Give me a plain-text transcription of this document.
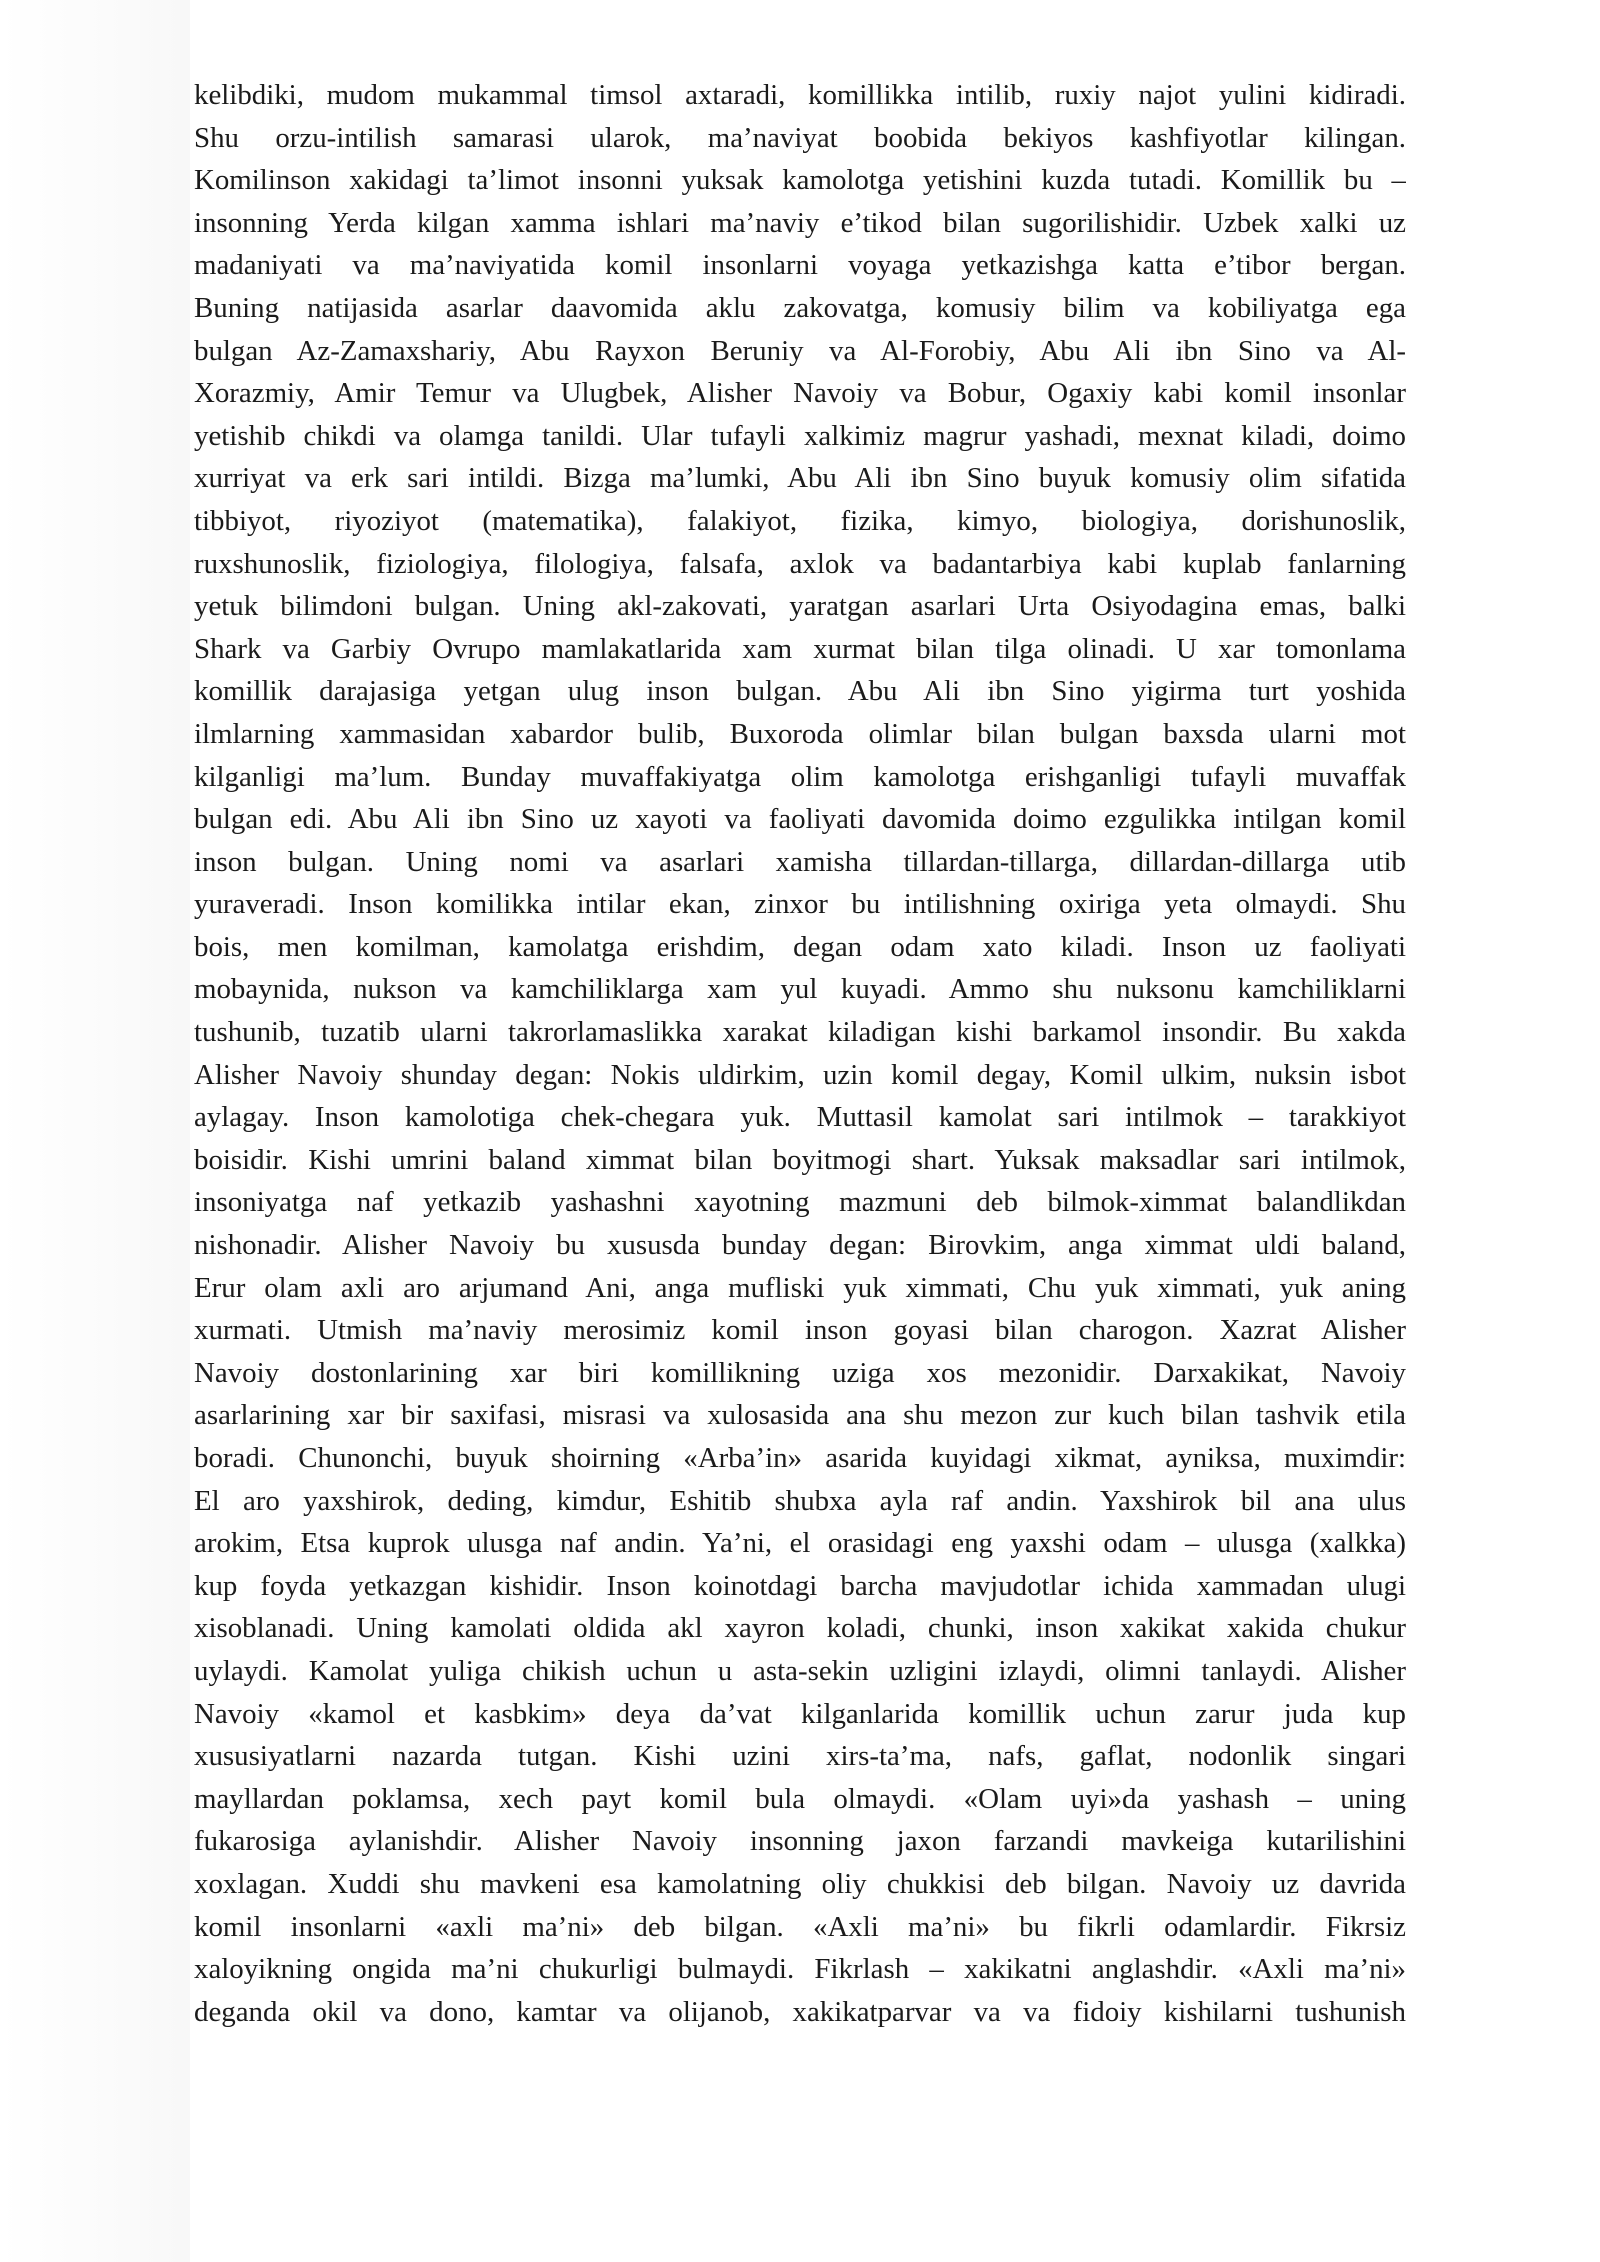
kelibdiki, mudom mukammal timsol axtaradi, komillikka intilib, ruxiy najot yulini kidiradi.
Shu orzu-intilish samarasi ularok, ma’naviyat boobida bekiyos kashfiyotlar kilingan.
Komilinson xakidagi ta’limot insonni yuksak kamolotga yetishini kuzda tutadi. Komillik bu –
insonning Yerda kilgan xamma ishlari ma’naviy e’tikod bilan sugorilishidir. Uzbek xalki uz
madaniyati va ma’naviyatida komil insonlarni voyaga yetkazishga katta e’tibor bergan.
Buning natijasida asarlar daavomida aklu zakovatga, komusiy bilim va kobiliyatga ega
bulgan Az-Zamaxshariy, Abu Rayxon Beruniy va Al-Forobiy, Abu Ali ibn Sino va Al-
Xorazmiy, Amir Temur va Ulugbek, Alisher Navoiy va Bobur, Ogaxiy kabi komil insonlar
yetishib chikdi va olamga tanildi. Ular tufayli xalkimiz magrur yashadi, mexnat kiladi, doimo
xurriyat va erk sari intildi. Bizga ma’lumki, Abu Ali ibn Sino buyuk komusiy olim sifatida
tibbiyot, riyoziyot (matematika), falakiyot, fizika, kimyo, biologiya, dorishunoslik,
ruxshunoslik, fiziologiya, filologiya, falsafa, axlok va badantarbiya kabi kuplab fanlarning
yetuk bilimdoni bulgan. Uning akl-zakovati, yaratgan asarlari Urta Osiyodagina emas, balki
Shark va Garbiy Ovrupo mamlakatlarida xam xurmat bilan tilga olinadi. U xar tomonlama
komillik darajasiga yetgan ulug inson bulgan. Abu Ali ibn Sino yigirma turt yoshida
ilmlarning xammasidan xabardor bulib, Buxoroda olimlar bilan bulgan baxsda ularni mot
kilganligi ma’lum. Bunday muvaffakiyatga olim kamolotga erishganligi tufayli muvaffak
bulgan edi. Abu Ali ibn Sino uz xayoti va faoliyati davomida doimo ezgulikka intilgan komil
inson bulgan. Uning nomi va asarlari xamisha tillardan-tillarga, dillardan-dillarga utib
yuraveradi. Inson komilikka intilar ekan, zinxor bu intilishning oxiriga yeta olmaydi. Shu
bois, men komilman, kamolatga erishdim, degan odam xato kiladi. Inson uz faoliyati
mobaynida, nukson va kamchiliklarga xam yul kuyadi. Ammo shu nuksonu kamchiliklarni
tushunib, tuzatib ularni takrorlamaslikka xarakat kiladigan kishi barkamol insondir. Bu xakda
Alisher Navoiy shunday degan: Nokis uldirkim, uzin komil degay, Komil ulkim, nuksin isbot
aylagay. Inson kamolotiga chek-chegara yuk. Muttasil kamolat sari intilmok – tarakkiyot
boisidir. Kishi umrini baland ximmat bilan boyitmogi shart. Yuksak maksadlar sari intilmok,
insoniyatga naf yetkazib yashashni xayotning mazmuni deb bilmok-ximmat balandlikdan
nishonadir. Alisher Navoiy bu xususda bunday degan: Birovkim, anga ximmat uldi baland,
Erur olam axli aro arjumand Ani, anga mufliski yuk ximmati, Chu yuk ximmati, yuk aning
xurmati. Utmish ma’naviy merosimiz komil inson goyasi bilan charogon. Xazrat Alisher
Navoiy dostonlarining xar biri komillikning uziga xos mezonidir. Darxakikat, Navoiy
asarlarining xar bir saxifasi, misrasi va xulosasida ana shu mezon zur kuch bilan tashvik etila
boradi. Chunonchi, buyuk shoirning «Arba’in» asarida kuyidagi xikmat, ayniksa, muximdir:
El aro yaxshirok, deding, kimdur, Eshitib shubxa ayla raf andin. Yaxshirok bil ana ulus
arokim, Etsa kuprok ulusga naf andin. Ya’ni, el orasidagi eng yaxshi odam – ulusga (xalkka)
kup foyda yetkazgan kishidir. Inson koinotdagi barcha mavjudotlar ichida xammadan ulugi
xisoblanadi. Uning kamolati oldida akl xayron koladi, chunki, inson xakikat xakida chukur
uylaydi. Kamolat yuliga chikish uchun u asta-sekin uzligini izlaydi, olimni tanlaydi. Alisher
Navoiy «kamol et kasbkim» deya da’vat kilganlarida komillik uchun zarur juda kup
xususiyatlarni nazarda tutgan. Kishi uzini xirs-ta’ma, nafs, gaflat, nodonlik singari
mayllardan poklamsa, xech payt komil bula olmaydi. «Olam uyi»da yashash – uning
fukarosiga aylanishdir. Alisher Navoiy insonning jaxon farzandi mavkeiga kutarilishini
xoxlagan. Xuddi shu mavkeni esa kamolatning oliy chukkisi deb bilgan. Navoiy uz davrida
komil insonlarni «axli ma’ni» deb bilgan. «Axli ma’ni» bu fikrli odamlardir. Fikrsiz
xaloyikning ongida ma’ni chukurligi bulmaydi. Fikrlash – xakikatni anglashdir. «Axli ma’ni»
deganda okil va dono, kamtar va olijanob, xakikatparvar va va fidoiy kishilarni tushunish
